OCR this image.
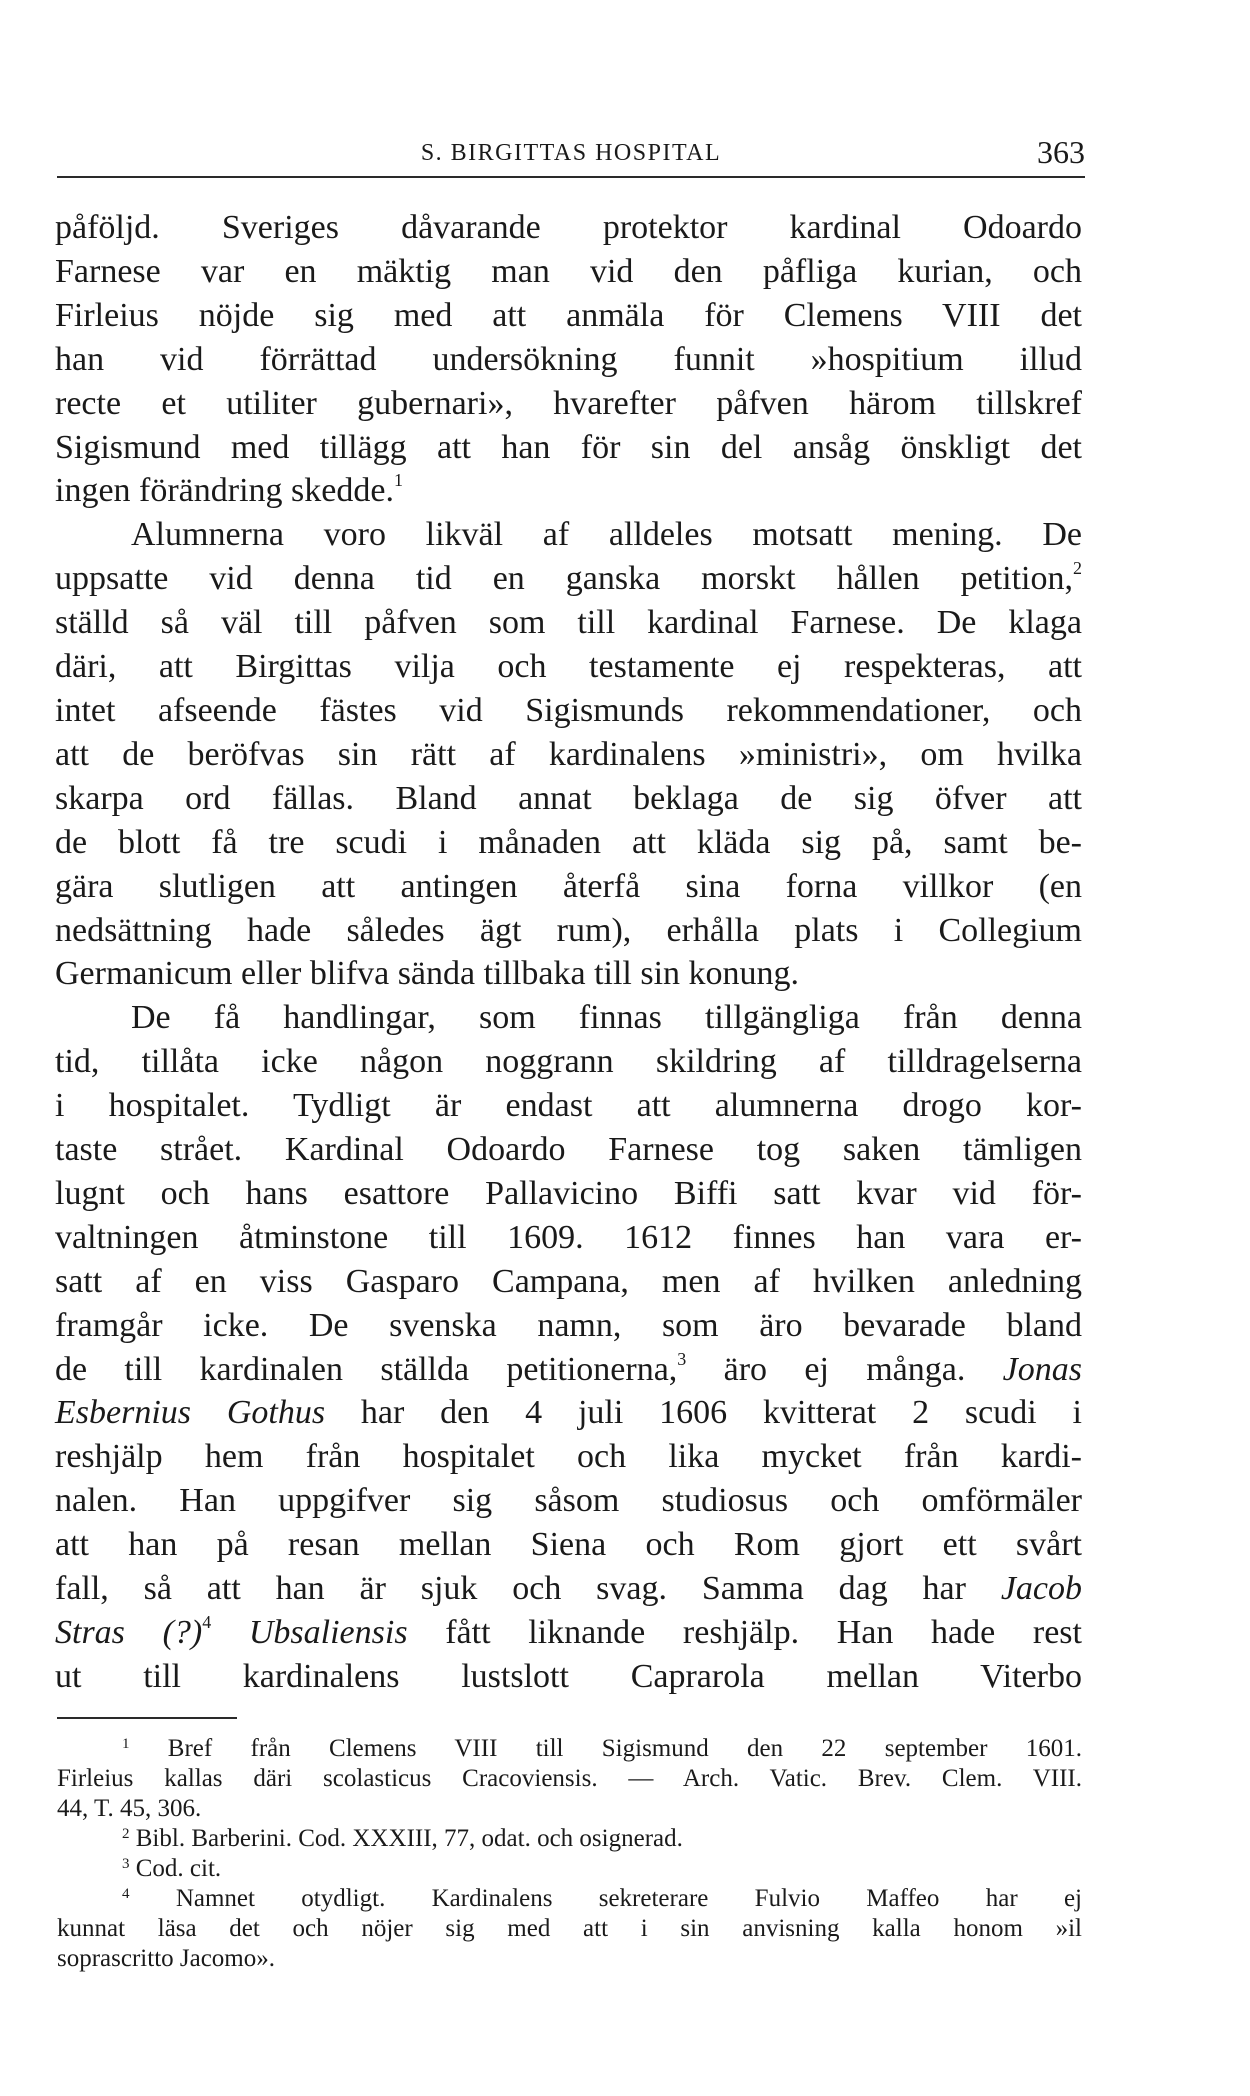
S. BIRGITTAS HOSPITAL	363
påföljd. Sveriges dåvarande protektor kardinal Odoardo
Farnese var en mäktig man vid den påfliga kurian, och
Firleius nöjde sig med att anmäla för Clemens VIII det
han vid förrättad undersökning funnit »hospitium illud
recte et utiliter gubernari», hvarefter påfven härom tillskref
Sigismund med tillägg att han för sin del ansåg önskligt det
ingen förändring skedde.$^1$
Alumnerna voro likväl af alldeles motsatt mening. De
uppsatte vid denna tid en ganska morskt hållen petition,$^2$
ställd så väl till påfven som till kardinal Farnese. De klaga
däri, att Birgittas vilja och testamente ej respekteras, att
intet afseende fästes vid Sigismunds rekommendationer, och
att de beröfvas sin rätt af kardinalens »ministri», om hvilka
skarpa ord fällas. Bland annat beklaga de sig öfver att
de blott få tre scudi i månaden att kläda sig på, samt be-
gära slutligen att antingen återfå sina forna villkor (en
nedsättning hade således ägt rum), erhålla plats i Collegium
Germanicum eller blifva sända tillbaka till sin konung.
De få handlingar, som finnas tillgängliga från denna
tid, tillåta icke någon noggrann skildring af tilldragelserna
i hospitalet. Tydligt är endast att alumnerna drogo kor-
taste strået. Kardinal Odoardo Farnese tog saken tämligen
lugnt och hans esattore Pallavicino Biffi satt kvar vid för-
valtningen åtminstone till 1609. 1612 finnes han vara er-
satt af en viss Gasparo Campana, men af hvilken anledning
framgår icke. De svenska namn, som äro bevarade bland
de till kardinalen ställda petitionerna,$^3$ äro ej många. Jonas
Esbernius Gothus har den 4 juli 1606 kvitterat 2 scudi i
reshjälp hem från hospitalet och lika mycket från kardi-
nalen. Han uppgifver sig såsom studiosus och omförmäler
att han på resan mellan Siena och Rom gjort ett svårt
fall, så att han är sjuk och svag. Samma dag har Jacob
Stras (?)$^4$ Ubsaliensis fått liknande reshjälp. Han hade rest
ut till kardinalens lustslott Caprarola mellan Viterbo
$^1$ Bref från Clemens VIII till Sigismund den 22 september 1601.
Firleius kallas däri scolasticus Cracoviensis. — Arch. Vatic. Brev. Clem. VIII.
44, T. 45, 306.
$^2$ Bibl. Barberini. Cod. XXXIII, 77, odat. och osignerad.
$^3$ Cod. cit.
$^4$ Namnet otydligt. Kardinalens sekreterare Fulvio Maffeo har ej
kunnat läsa det och nöjer sig med att i sin anvisning kalla honom »il
soprascritto Jacomo».
